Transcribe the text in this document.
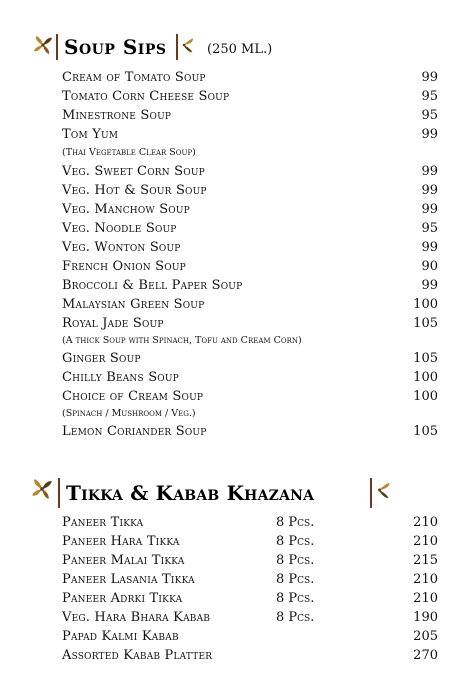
Soup Sips	(250 ML.)
Cream of Tomato Soup	99
Tomato Corn Cheese Soup	95
Minestrone Soup	95
Tom Yum	99
(Thai Vegetable Clear Soup)
Veg. Sweet Corn Soup	99
Veg. Hot & Sour Soup	99
Veg. Manchow Soup	99
Veg. Noodle Soup	95
Veg. Wonton Soup	99
French Onion Soup	90
Broccoli & Bell Paper Soup	99
Malaysian Green Soup	100
Royal Jade Soup	105
(A thick Soup with Spinach, Tofu and Cream Corn)
Ginger Soup	105
Chilly Beans Soup	100
Choice of Cream Soup	100
(Spinach / Mushroom / Veg.)
Lemon Coriander Soup	105
Tikka & Kabab Khazana
Paneer Tikka	8 Pcs.	210
Paneer Hara Tikka	8 Pcs.	210
Paneer Malai Tikka	8 Pcs.	215
Paneer Lasania Tikka	8 Pcs.	210
Paneer Adrki Tikka	8 Pcs.	210
Veg. Hara Bhara Kabab	8 Pcs.	190
Papad Kalmi Kabab	205
Assorted Kabab Platter	270
